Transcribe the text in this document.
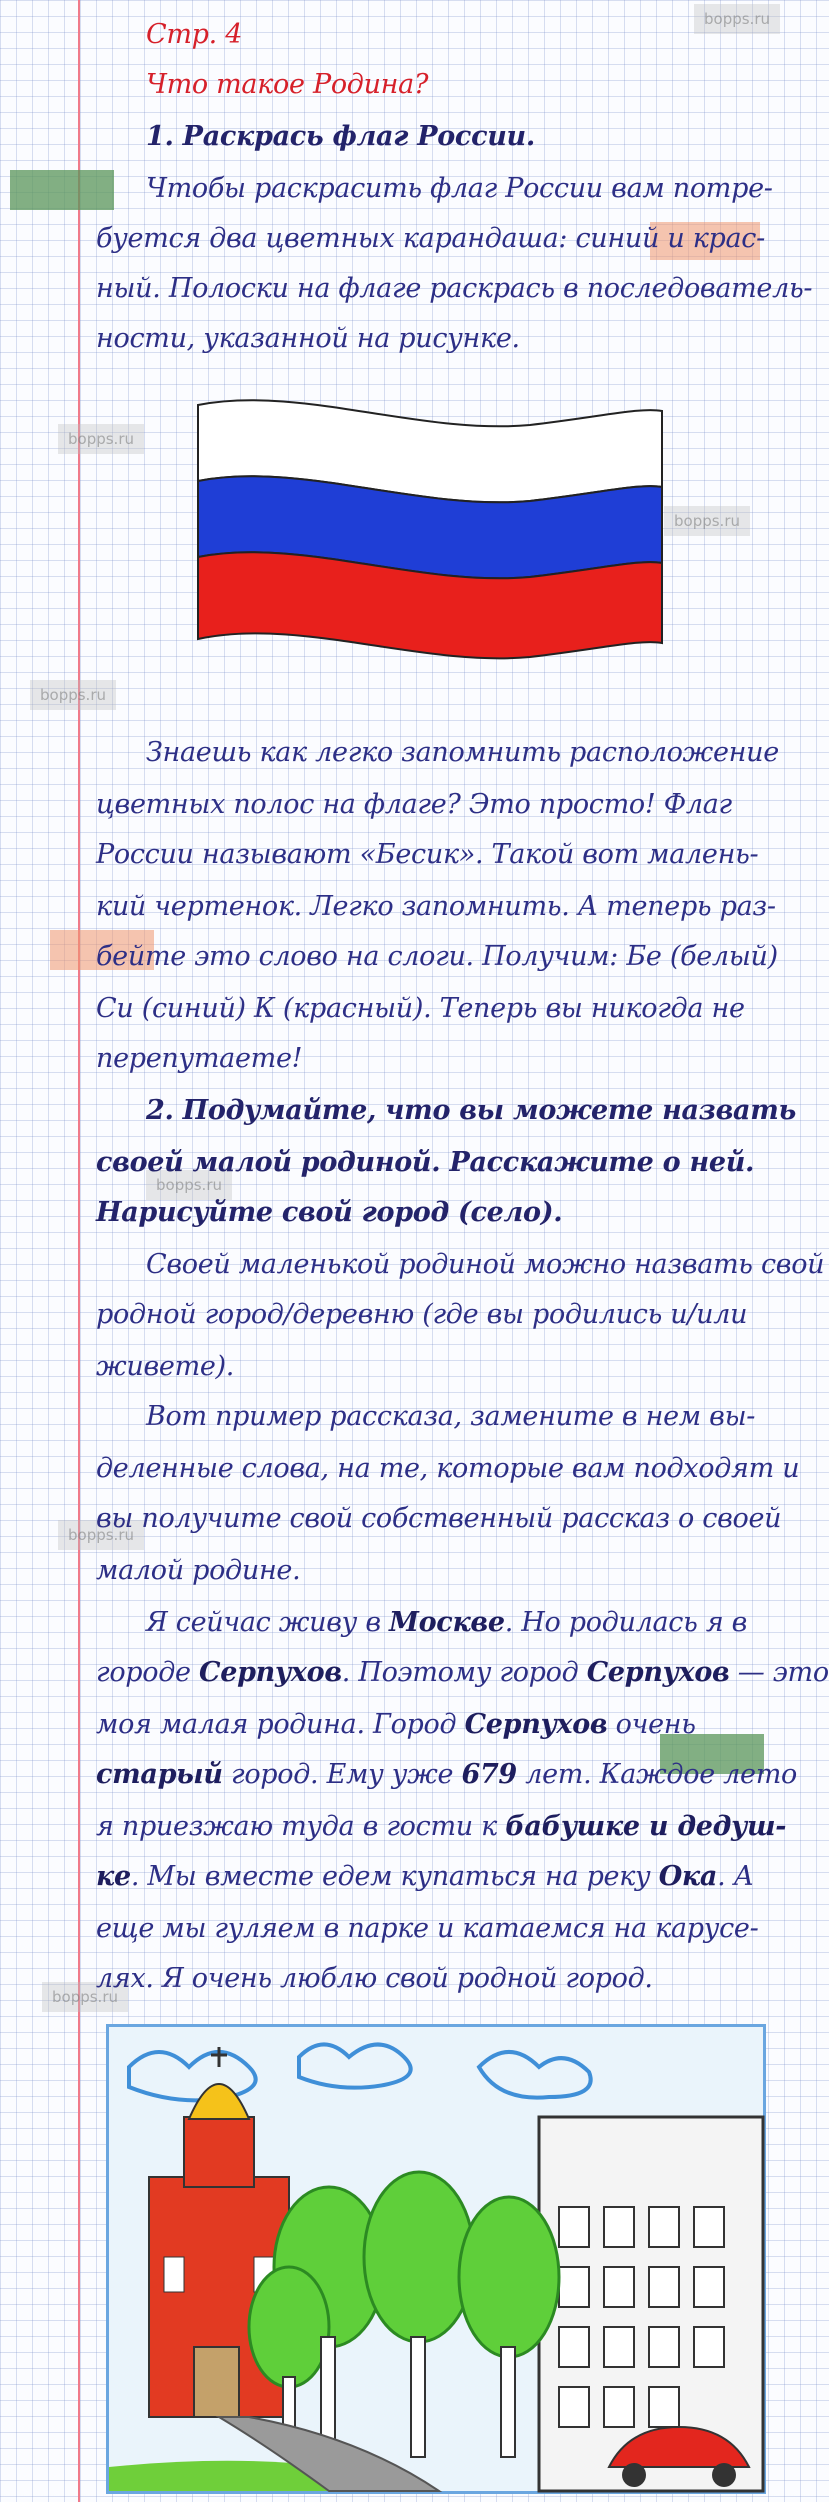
bopps.ru
bopps.ru
bopps.ru
bopps.ru
bopps.ru
bopps.ru
bopps.ru
Стр. 4
Что такое Родина?
1. Раскрась флаг России.
Чтобы раскрасить флаг России вам потре-
буется два цветных карандаша: синий и крас-
ный. Полоски на флаге раскрась в последователь-
ности, указанной на рисунке.
Знаешь как легко запомнить расположение
цветных полос на флаге? Это просто! Флаг
России называют «Бесик». Такой вот малень-
кий чертенок. Легко запомнить. А теперь раз-
бейте это слово на слоги. Получим: Бе (белый)
Си (синий) К (красный). Теперь вы никогда не
перепутаете!
2. Подумайте, что вы можете назвать
своей малой родиной. Расскажите о ней.
Нарисуйте свой город (село).
Своей маленькой родиной можно назвать свой
родной город/деревню (где вы родились и/или
живете).
Вот пример рассказа, замените в нем вы-
деленные слова, на те, которые вам подходят и
вы получите свой собственный рассказ о своей
малой родине.
Я сейчас живу в Москве. Но родилась я в
городе Серпухов. Поэтому город Серпухов — это
моя малая родина. Город Серпухов очень
старый город. Ему уже 679 лет. Каждое лето
я приезжаю туда в гости к бабушке и дедуш-
ке. Мы вместе едем купаться на реку Ока. А
еще мы гуляем в парке и катаемся на карусе-
лях. Я очень люблю свой родной город.
